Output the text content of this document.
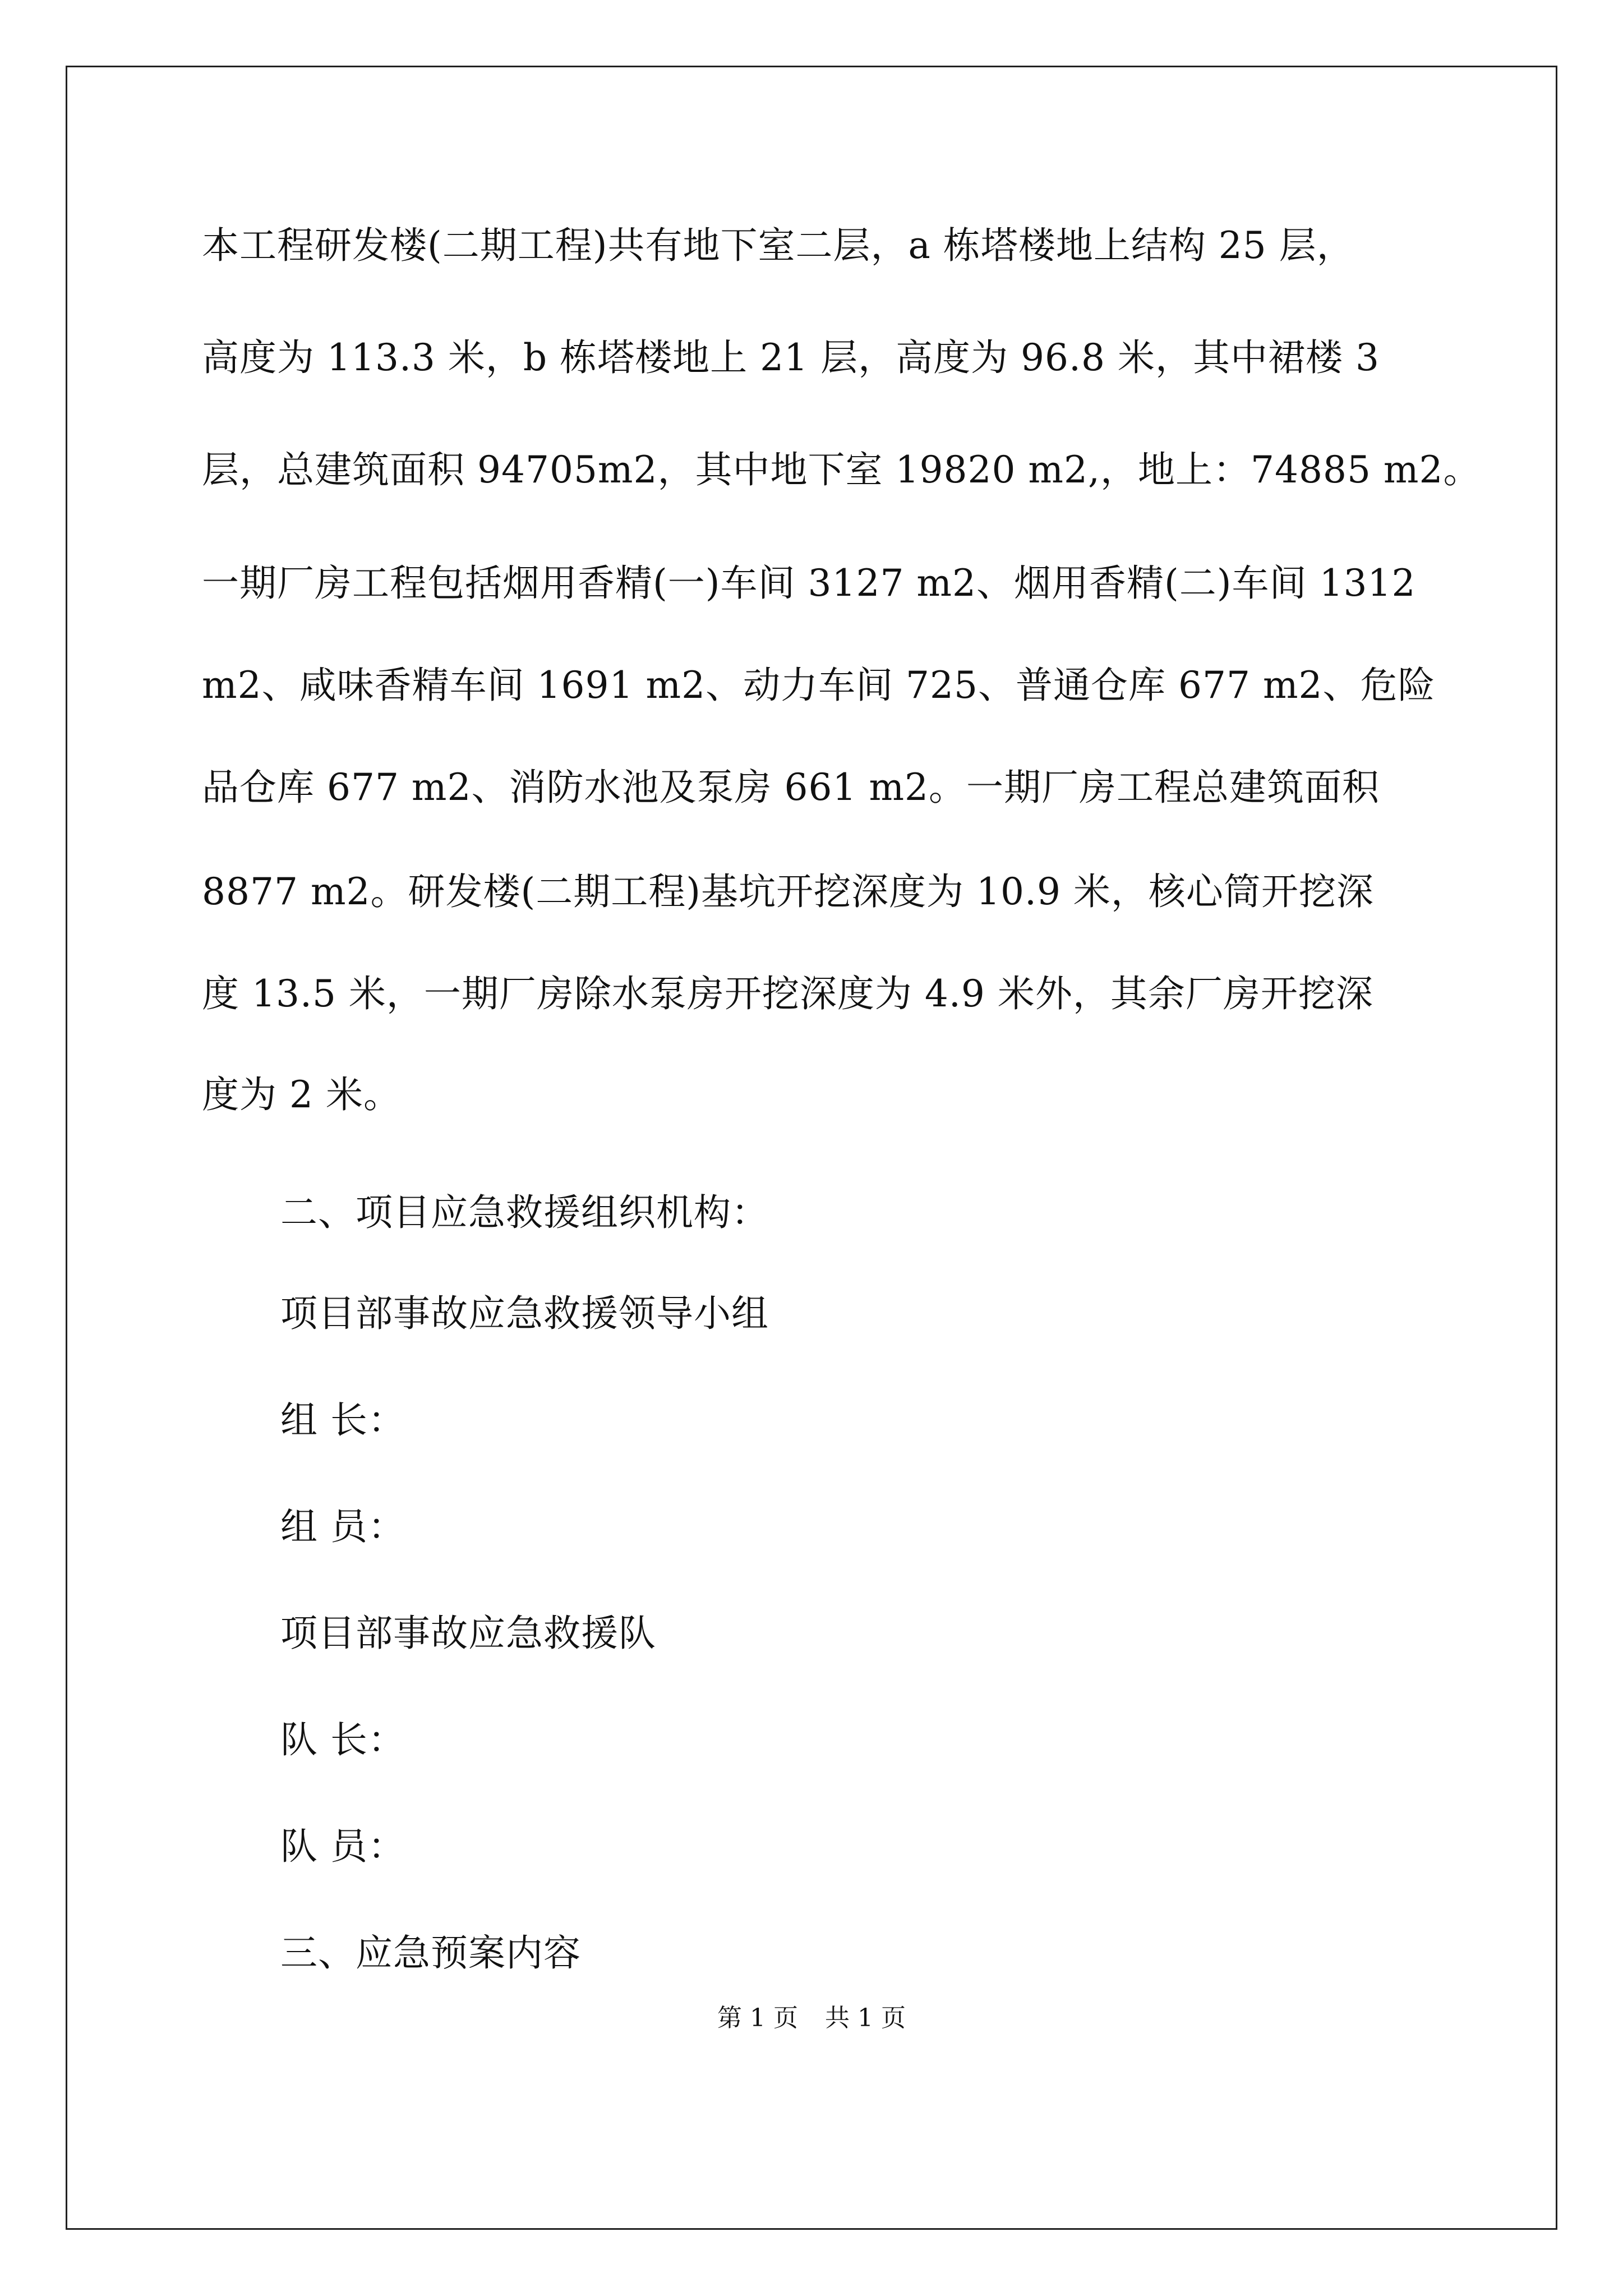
本工程研发楼(二期工程)共有地下室二层，a 栋塔楼地上结构 25 层，
高度为 113.3 米，b 栋塔楼地上 21 层，高度为 96.8 米，其中裙楼 3
层，总建筑面积 94705m2，其中地下室 19820 m2,，地上：74885 m2。
一期厂房工程包括烟用香精(一)车间 3127 m2、烟用香精(二)车间 1312
m2、咸味香精车间 1691 m2、动力车间 725、普通仓库 677 m2、危险
品仓库 677 m2、消防水池及泵房 661 m2。一期厂房工程总建筑面积
8877 m2。研发楼(二期工程)基坑开挖深度为 10.9 米，核心筒开挖深
度 13.5 米，一期厂房除水泵房开挖深度为 4.9 米外，其余厂房开挖深
度为 2 米。
二、项目应急救援组织机构：
项目部事故应急救援领导小组
组 长：
组 员：
项目部事故应急救援队
队 长：
队 员：
三、应急预案内容
第 1 页 共 1 页
